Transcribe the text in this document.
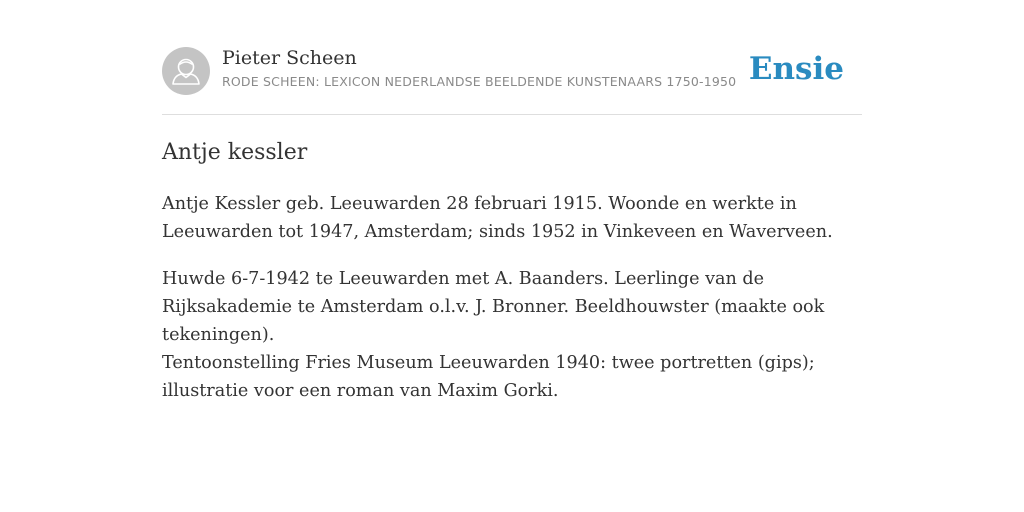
Pieter Scheen
RODE SCHEEN: LEXICON NEDERLANDSE BEELDENDE KUNSTENAARS 1750-1950 Ensie
Antje kessler

Antje Kessler geb. Leeuwarden 28 februari 1915. Woonde en werkte in Leeuwarden tot 1947, Amsterdam; sinds 1952 in Vinkeveen en Waverveen.

Huwde 6-7-1942 te Leeuwarden met A. Baanders. Leerlinge van de Rijksakademie te Amsterdam o.l.v. J. Bronner. Beeldhouwster (maakte ook tekeningen).

Tentoonstelling Fries Museum Leeuwarden 1940: twee portretten (gips); illustratie voor een roman van Maxim Gorki.
